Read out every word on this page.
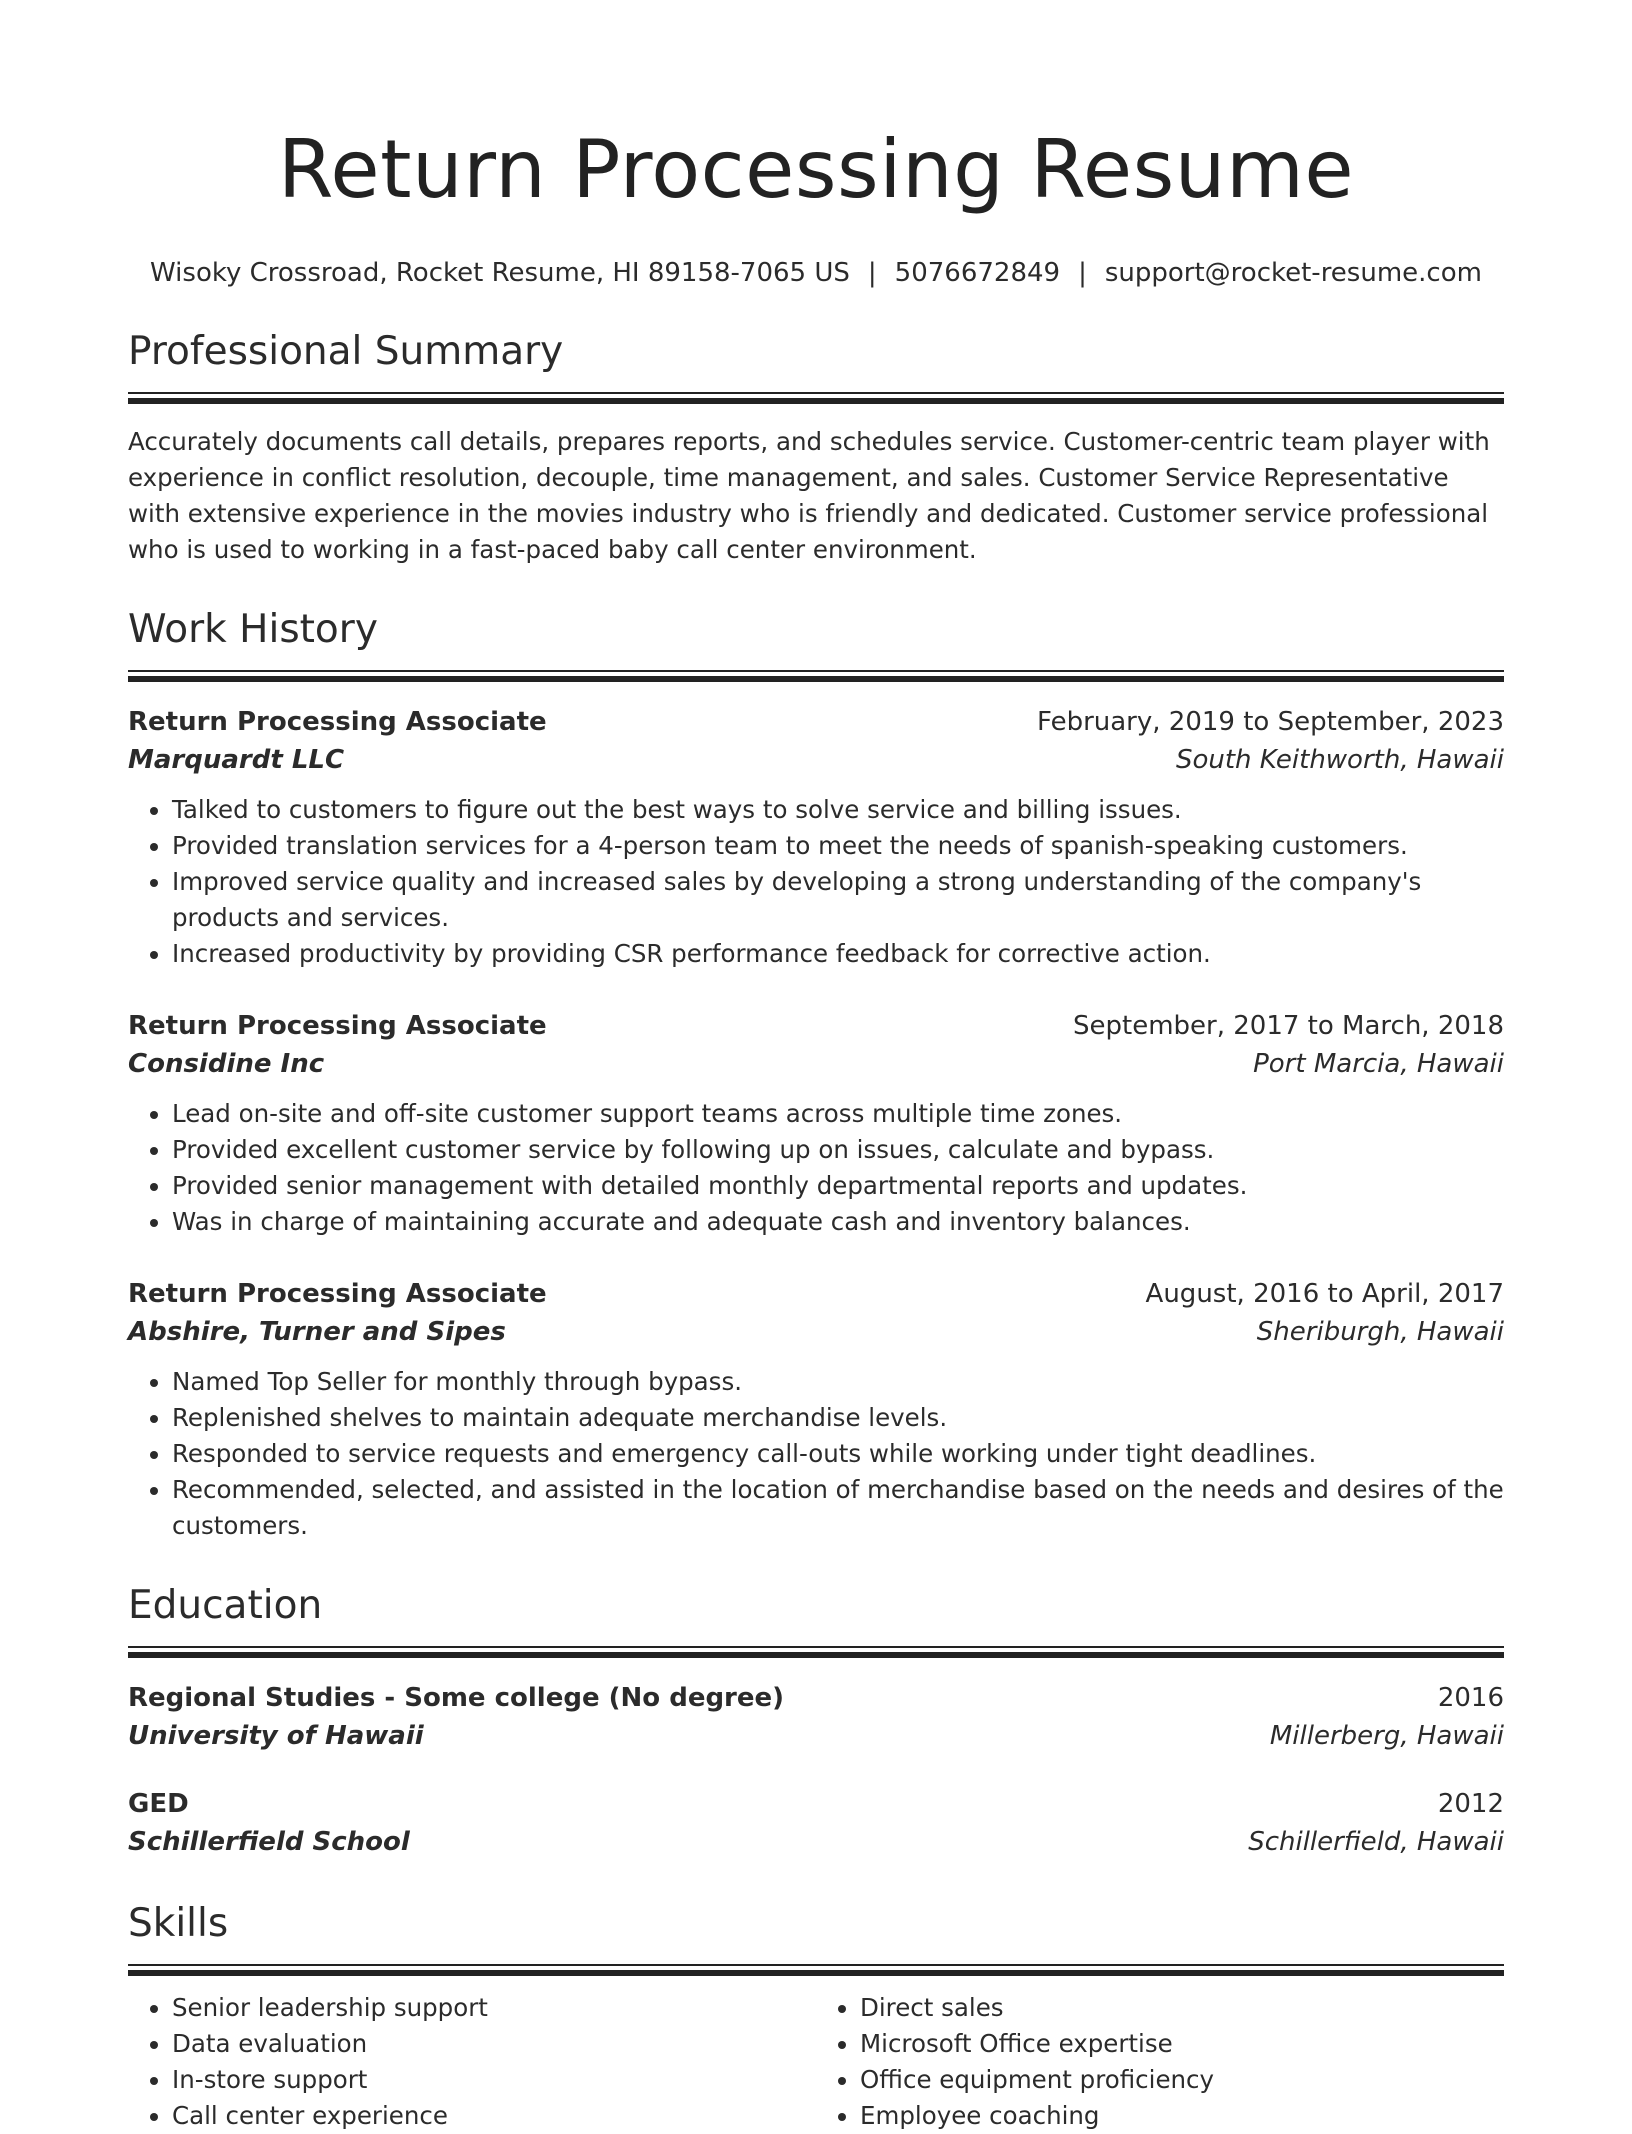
Return Processing Resume
Wisoky Crossroad, Rocket Resume, HI 89158-7065 US | 5076672849 | support@rocket-resume.com
Professional Summary
Accurately documents call details, prepares reports, and schedules service. Customer-centric team player with experience in conflict resolution, decouple, time management, and sales. Customer Service Representative with extensive experience in the movies industry who is friendly and dedicated. Customer service professional who is used to working in a fast-paced baby call center environment.
Work History
Return Processing Associate	February, 2019 to September, 2023
Marquardt LLC	South Keithworth, Hawaii
• Talked to customers to figure out the best ways to solve service and billing issues.
• Provided translation services for a 4-person team to meet the needs of spanish-speaking customers.
• Improved service quality and increased sales by developing a strong understanding of the company's products and services.
• Increased productivity by providing CSR performance feedback for corrective action.
Return Processing Associate	September, 2017 to March, 2018
Considine Inc	Port Marcia, Hawaii
• Lead on-site and off-site customer support teams across multiple time zones.
• Provided excellent customer service by following up on issues, calculate and bypass.
• Provided senior management with detailed monthly departmental reports and updates.
• Was in charge of maintaining accurate and adequate cash and inventory balances.
Return Processing Associate	August, 2016 to April, 2017
Abshire, Turner and Sipes	Sheriburgh, Hawaii
• Named Top Seller for monthly through bypass.
• Replenished shelves to maintain adequate merchandise levels.
• Responded to service requests and emergency call-outs while working under tight deadlines.
• Recommended, selected, and assisted in the location of merchandise based on the needs and desires of the customers.
Education
Regional Studies - Some college (No degree)	2016
University of Hawaii	Millerberg, Hawaii
GED	2012
Schillerfield School	Schillerfield, Hawaii
Skills
• Senior leadership support
• Data evaluation
• In-store support
• Call center experience
• Direct sales
• Microsoft Office expertise
• Office equipment proficiency
• Employee coaching
